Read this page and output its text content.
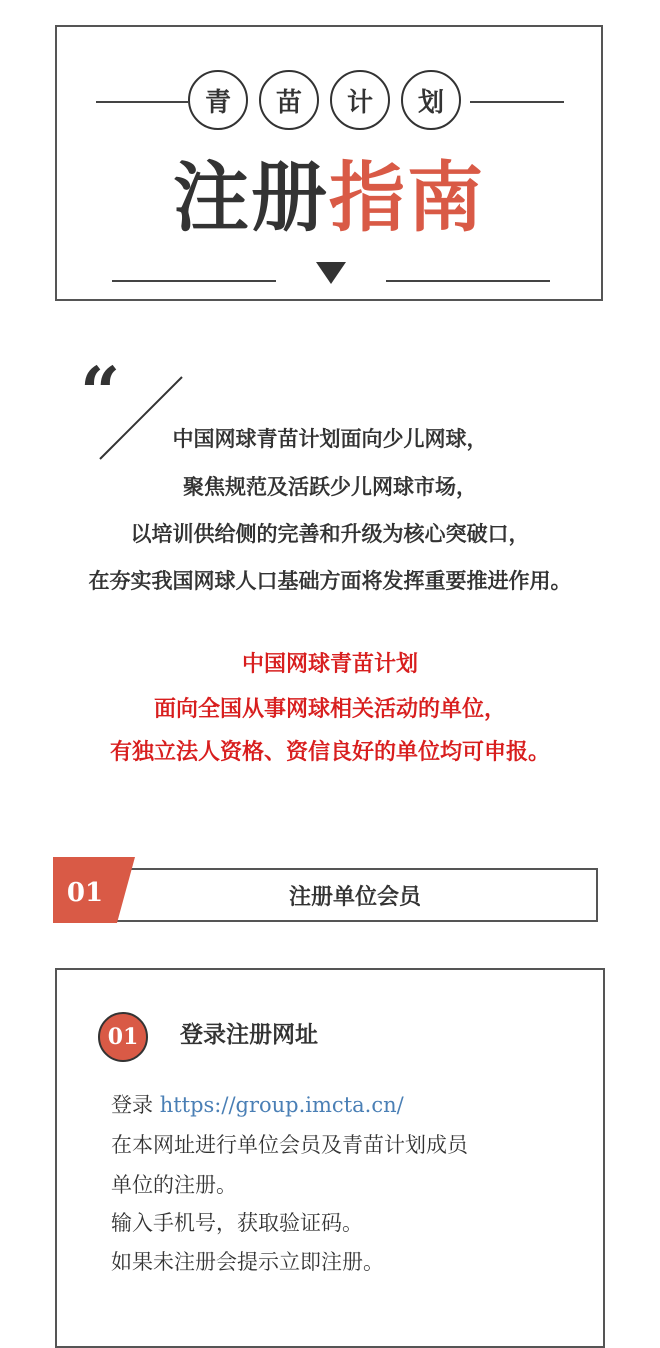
青	苗	计	划
注册指南
“
中国网球青苗计划面向少儿网球，
聚焦规范及活跃少儿网球市场，
以培训供给侧的完善和升级为核心突破口，
在夯实我国网球人口基础方面将发挥重要推进作用。
中国网球青苗计划
面向全国从事网球相关活动的单位，
有独立法人资格、资信良好的单位均可申报。
01	注册单位会员
01	登录注册网址
登录 https://group.imcta.cn/
在本网址进行单位会员及青苗计划成员
单位的注册。
输入手机号，获取验证码。
如果未注册会提示立即注册。
